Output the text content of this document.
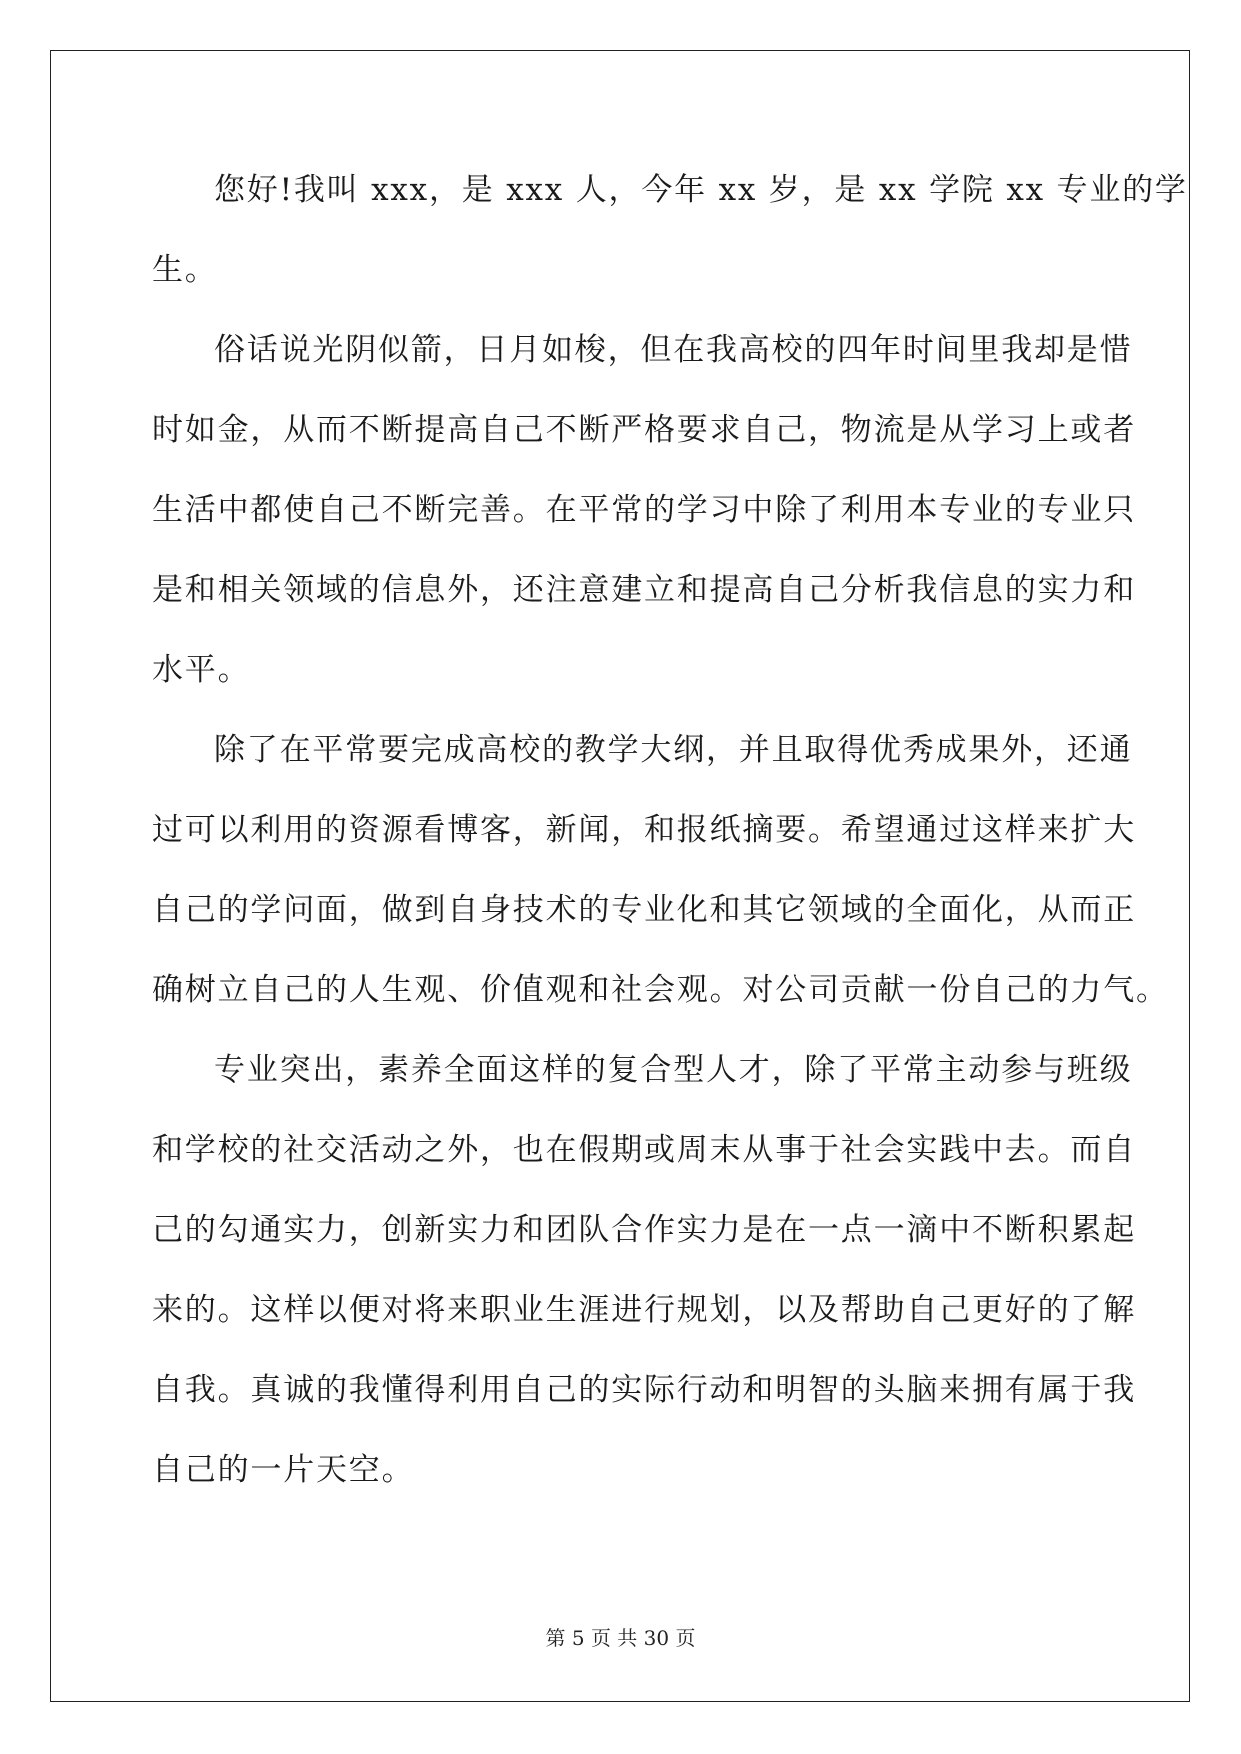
您好!我叫 xxx，是 xxx 人，今年 xx 岁，是 xx 学院 xx 专业的学
生。
俗话说光阴似箭，日月如梭，但在我高校的四年时间里我却是惜
时如金，从而不断提高自己不断严格要求自己，物流是从学习上或者
生活中都使自己不断完善。在平常的学习中除了利用本专业的专业只
是和相关领域的信息外，还注意建立和提高自己分析我信息的实力和
水平。
除了在平常要完成高校的教学大纲，并且取得优秀成果外，还通
过可以利用的资源看博客，新闻，和报纸摘要。希望通过这样来扩大
自己的学问面，做到自身技术的专业化和其它领域的全面化，从而正
确树立自己的人生观、价值观和社会观。对公司贡献一份自己的力气。
专业突出，素养全面这样的复合型人才，除了平常主动参与班级
和学校的社交活动之外，也在假期或周末从事于社会实践中去。而自
己的勾通实力，创新实力和团队合作实力是在一点一滴中不断积累起
来的。这样以便对将来职业生涯进行规划，以及帮助自己更好的了解
自我。真诚的我懂得利用自己的实际行动和明智的头脑来拥有属于我
自己的一片天空。
第 5 页 共 30 页
